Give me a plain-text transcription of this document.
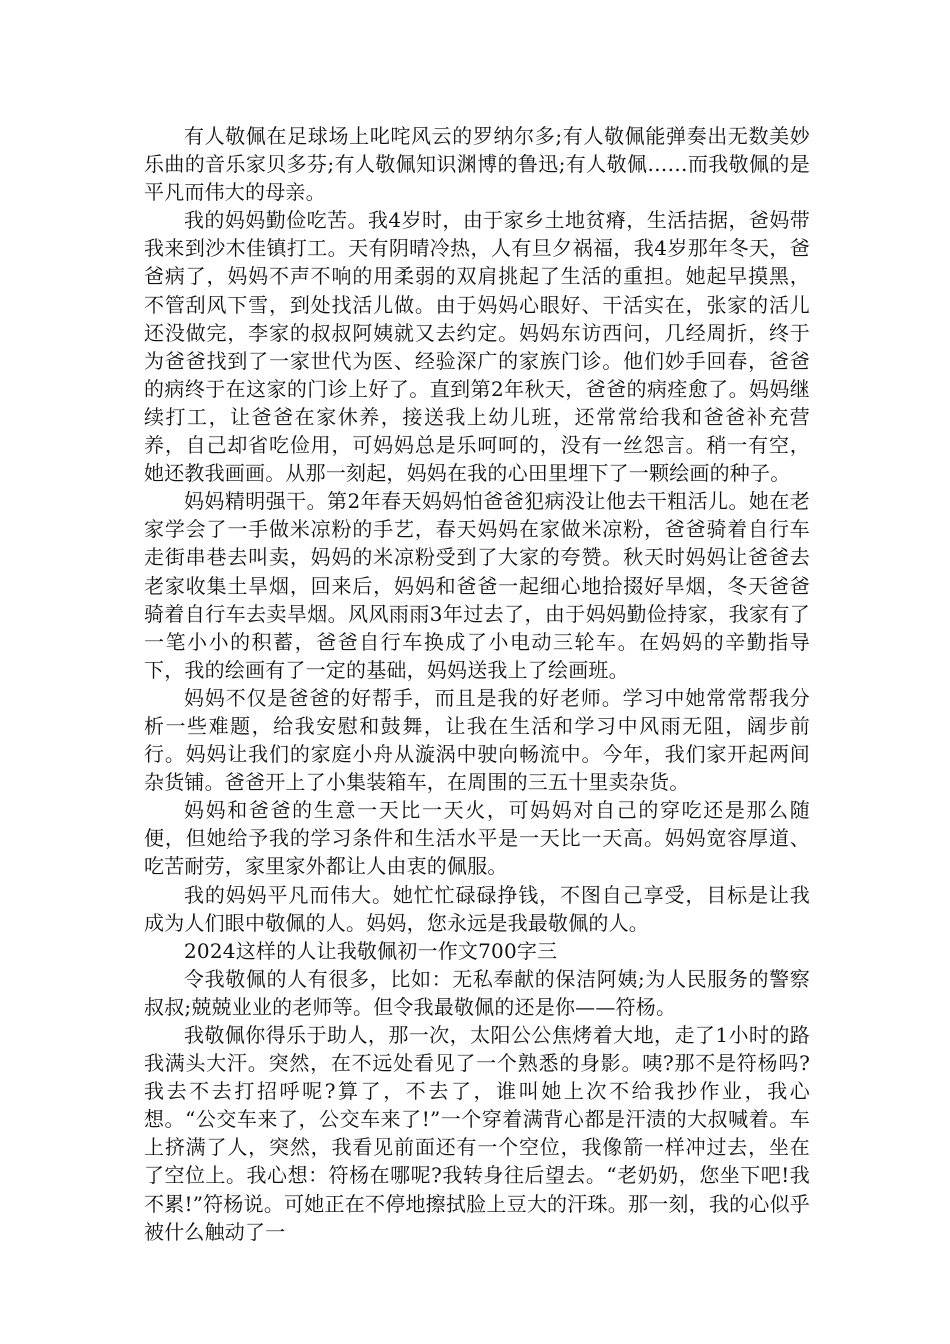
有人敬佩在足球场上叱咤风云的罗纳尔多;有人敬佩能弹奏出无数美妙乐曲的音乐家贝多芬;有人敬佩知识渊博的鲁迅;有人敬佩……而我敬佩的是平凡而伟大的母亲。

我的妈妈勤俭吃苦。我4岁时，由于家乡土地贫瘠，生活拮据，爸妈带我来到沙木佳镇打工。天有阴晴冷热，人有旦夕祸福，我4岁那年冬天，爸爸病了，妈妈不声不响的用柔弱的双肩挑起了生活的重担。她起早摸黑，不管刮风下雪，到处找活儿做。由于妈妈心眼好、干活实在，张家的活儿还没做完，李家的叔叔阿姨就又去约定。妈妈东访西问，几经周折，终于为爸爸找到了一家世代为医、经验深广的家族门诊。他们妙手回春，爸爸的病终于在这家的门诊上好了。直到第2年秋天，爸爸的病痊愈了。妈妈继续打工，让爸爸在家休养，接送我上幼儿班，还常常给我和爸爸补充营养，自己却省吃俭用，可妈妈总是乐呵呵的，没有一丝怨言。稍一有空，她还教我画画。从那一刻起，妈妈在我的心田里埋下了一颗绘画的种子。

妈妈精明强干。第2年春天妈妈怕爸爸犯病没让他去干粗活儿。她在老家学会了一手做米凉粉的手艺，春天妈妈在家做米凉粉，爸爸骑着自行车走街串巷去叫卖，妈妈的米凉粉受到了大家的夸赞。秋天时妈妈让爸爸去老家收集土旱烟，回来后，妈妈和爸爸一起细心地拾掇好旱烟，冬天爸爸骑着自行车去卖旱烟。风风雨雨3年过去了，由于妈妈勤俭持家，我家有了一笔小小的积蓄，爸爸自行车换成了小电动三轮车。在妈妈的辛勤指导下，我的绘画有了一定的基础，妈妈送我上了绘画班。

妈妈不仅是爸爸的好帮手，而且是我的好老师。学习中她常常帮我分析一些难题，给我安慰和鼓舞，让我在生活和学习中风雨无阻，阔步前行。妈妈让我们的家庭小舟从漩涡中驶向畅流中。今年，我们家开起两间杂货铺。爸爸开上了小集装箱车，在周围的三五十里卖杂货。

妈妈和爸爸的生意一天比一天火，可妈妈对自己的穿吃还是那么随便，但她给予我的学习条件和生活水平是一天比一天高。妈妈宽容厚道、吃苦耐劳，家里家外都让人由衷的佩服。

我的妈妈平凡而伟大。她忙忙碌碌挣钱，不图自己享受，目标是让我成为人们眼中敬佩的人。妈妈，您永远是我最敬佩的人。

2024这样的人让我敬佩初一作文700字三

令我敬佩的人有很多，比如：无私奉献的保洁阿姨;为人民服务的警察叔叔;兢兢业业的老师等。但令我最敬佩的还是你——符杨。

我敬佩你得乐于助人，那一次，太阳公公焦烤着大地，走了1小时的路我满头大汗。突然，在不远处看见了一个熟悉的身影。咦?那不是符杨吗?我去不去打招呼呢?算了，不去了，谁叫她上次不给我抄作业，我心想。“公交车来了，公交车来了!”一个穿着满背心都是汗渍的大叔喊着。车上挤满了人，突然，我看见前面还有一个空位，我像箭一样冲过去，坐在了空位上。我心想：符杨在哪呢?我转身往后望去。“老奶奶，您坐下吧!我不累!”符杨说。可她正在不停地擦拭脸上豆大的汗珠。那一刻，我的心似乎被什么触动了一
